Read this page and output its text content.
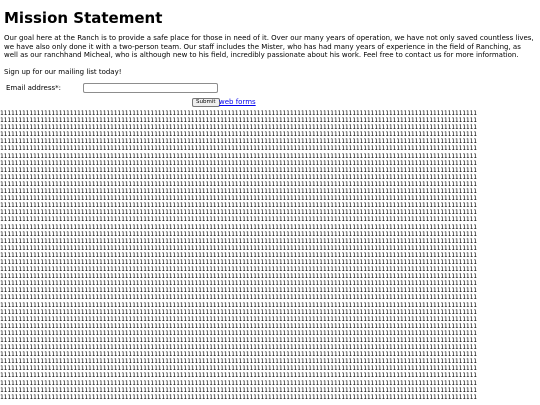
Mission Statement

Our goal here at the Ranch is to provide a safe place for those in need of it. Over our many years of operation, we have not only saved countless lives, we have also only done it with a two-person team. Our staff includes the Mister, who has had many years of experience in the field of Ranching, as well as our ranchhand Micheal, who is although new to his field, incredibly passionate about his work. Feel free to contact us for more information.

Sign up for our mailing list today!

Email address*:
Submit web forms
1111111111111111111111111111111111111111111111111111111111111111111111111111111111111111111111111111111111111111111111111111111111
1111111111111111111111111111111111111111111111111111111111111111111111111111111111111111111111111111111111111111111111111111111111
1111111111111111111111111111111111111111111111111111111111111111111111111111111111111111111111111111111111111111111111111111111111
1111111111111111111111111111111111111111111111111111111111111111111111111111111111111111111111111111111111111111111111111111111111
1111111111111111111111111111111111111111111111111111111111111111111111111111111111111111111111111111111111111111111111111111111111
1111111111111111111111111111111111111111111111111111111111111111111111111111111111111111111111111111111111111111111111111111111111
1111111111111111111111111111111111111111111111111111111111111111111111111111111111111111111111111111111111111111111111111111111111
1111111111111111111111111111111111111111111111111111111111111111111111111111111111111111111111111111111111111111111111111111111111
1111111111111111111111111111111111111111111111111111111111111111111111111111111111111111111111111111111111111111111111111111111111
1111111111111111111111111111111111111111111111111111111111111111111111111111111111111111111111111111111111111111111111111111111111
1111111111111111111111111111111111111111111111111111111111111111111111111111111111111111111111111111111111111111111111111111111111
1111111111111111111111111111111111111111111111111111111111111111111111111111111111111111111111111111111111111111111111111111111111
1111111111111111111111111111111111111111111111111111111111111111111111111111111111111111111111111111111111111111111111111111111111
1111111111111111111111111111111111111111111111111111111111111111111111111111111111111111111111111111111111111111111111111111111111
1111111111111111111111111111111111111111111111111111111111111111111111111111111111111111111111111111111111111111111111111111111111
1111111111111111111111111111111111111111111111111111111111111111111111111111111111111111111111111111111111111111111111111111111111
1111111111111111111111111111111111111111111111111111111111111111111111111111111111111111111111111111111111111111111111111111111111
1111111111111111111111111111111111111111111111111111111111111111111111111111111111111111111111111111111111111111111111111111111111
1111111111111111111111111111111111111111111111111111111111111111111111111111111111111111111111111111111111111111111111111111111111
1111111111111111111111111111111111111111111111111111111111111111111111111111111111111111111111111111111111111111111111111111111111
1111111111111111111111111111111111111111111111111111111111111111111111111111111111111111111111111111111111111111111111111111111111
1111111111111111111111111111111111111111111111111111111111111111111111111111111111111111111111111111111111111111111111111111111111
1111111111111111111111111111111111111111111111111111111111111111111111111111111111111111111111111111111111111111111111111111111111
1111111111111111111111111111111111111111111111111111111111111111111111111111111111111111111111111111111111111111111111111111111111
1111111111111111111111111111111111111111111111111111111111111111111111111111111111111111111111111111111111111111111111111111111111
1111111111111111111111111111111111111111111111111111111111111111111111111111111111111111111111111111111111111111111111111111111111
1111111111111111111111111111111111111111111111111111111111111111111111111111111111111111111111111111111111111111111111111111111111
1111111111111111111111111111111111111111111111111111111111111111111111111111111111111111111111111111111111111111111111111111111111
1111111111111111111111111111111111111111111111111111111111111111111111111111111111111111111111111111111111111111111111111111111111
1111111111111111111111111111111111111111111111111111111111111111111111111111111111111111111111111111111111111111111111111111111111
1111111111111111111111111111111111111111111111111111111111111111111111111111111111111111111111111111111111111111111111111111111111
1111111111111111111111111111111111111111111111111111111111111111111111111111111111111111111111111111111111111111111111111111111111
1111111111111111111111111111111111111111111111111111111111111111111111111111111111111111111111111111111111111111111111111111111111
1111111111111111111111111111111111111111111111111111111111111111111111111111111111111111111111111111111111111111111111111111111111
1111111111111111111111111111111111111111111111111111111111111111111111111111111111111111111111111111111111111111111111111111111111
1111111111111111111111111111111111111111111111111111111111111111111111111111111111111111111111111111111111111111111111111111111111
1111111111111111111111111111111111111111111111111111111111111111111111111111111111111111111111111111111111111111111111111111111111
1111111111111111111111111111111111111111111111111111111111111111111111111111111111111111111111111111111111111111111111111111111111
1111111111111111111111111111111111111111111111111111111111111111111111111111111111111111111111111111111111111111111111111111111111
1111111111111111111111111111111111111111111111111111111111111111111111111111111111111111111111111111111111111111111111111111111111
1111111111111111111111111111111111111111111111111111111111111111111111111111111111111111111111111111111111111111111111111111111111
